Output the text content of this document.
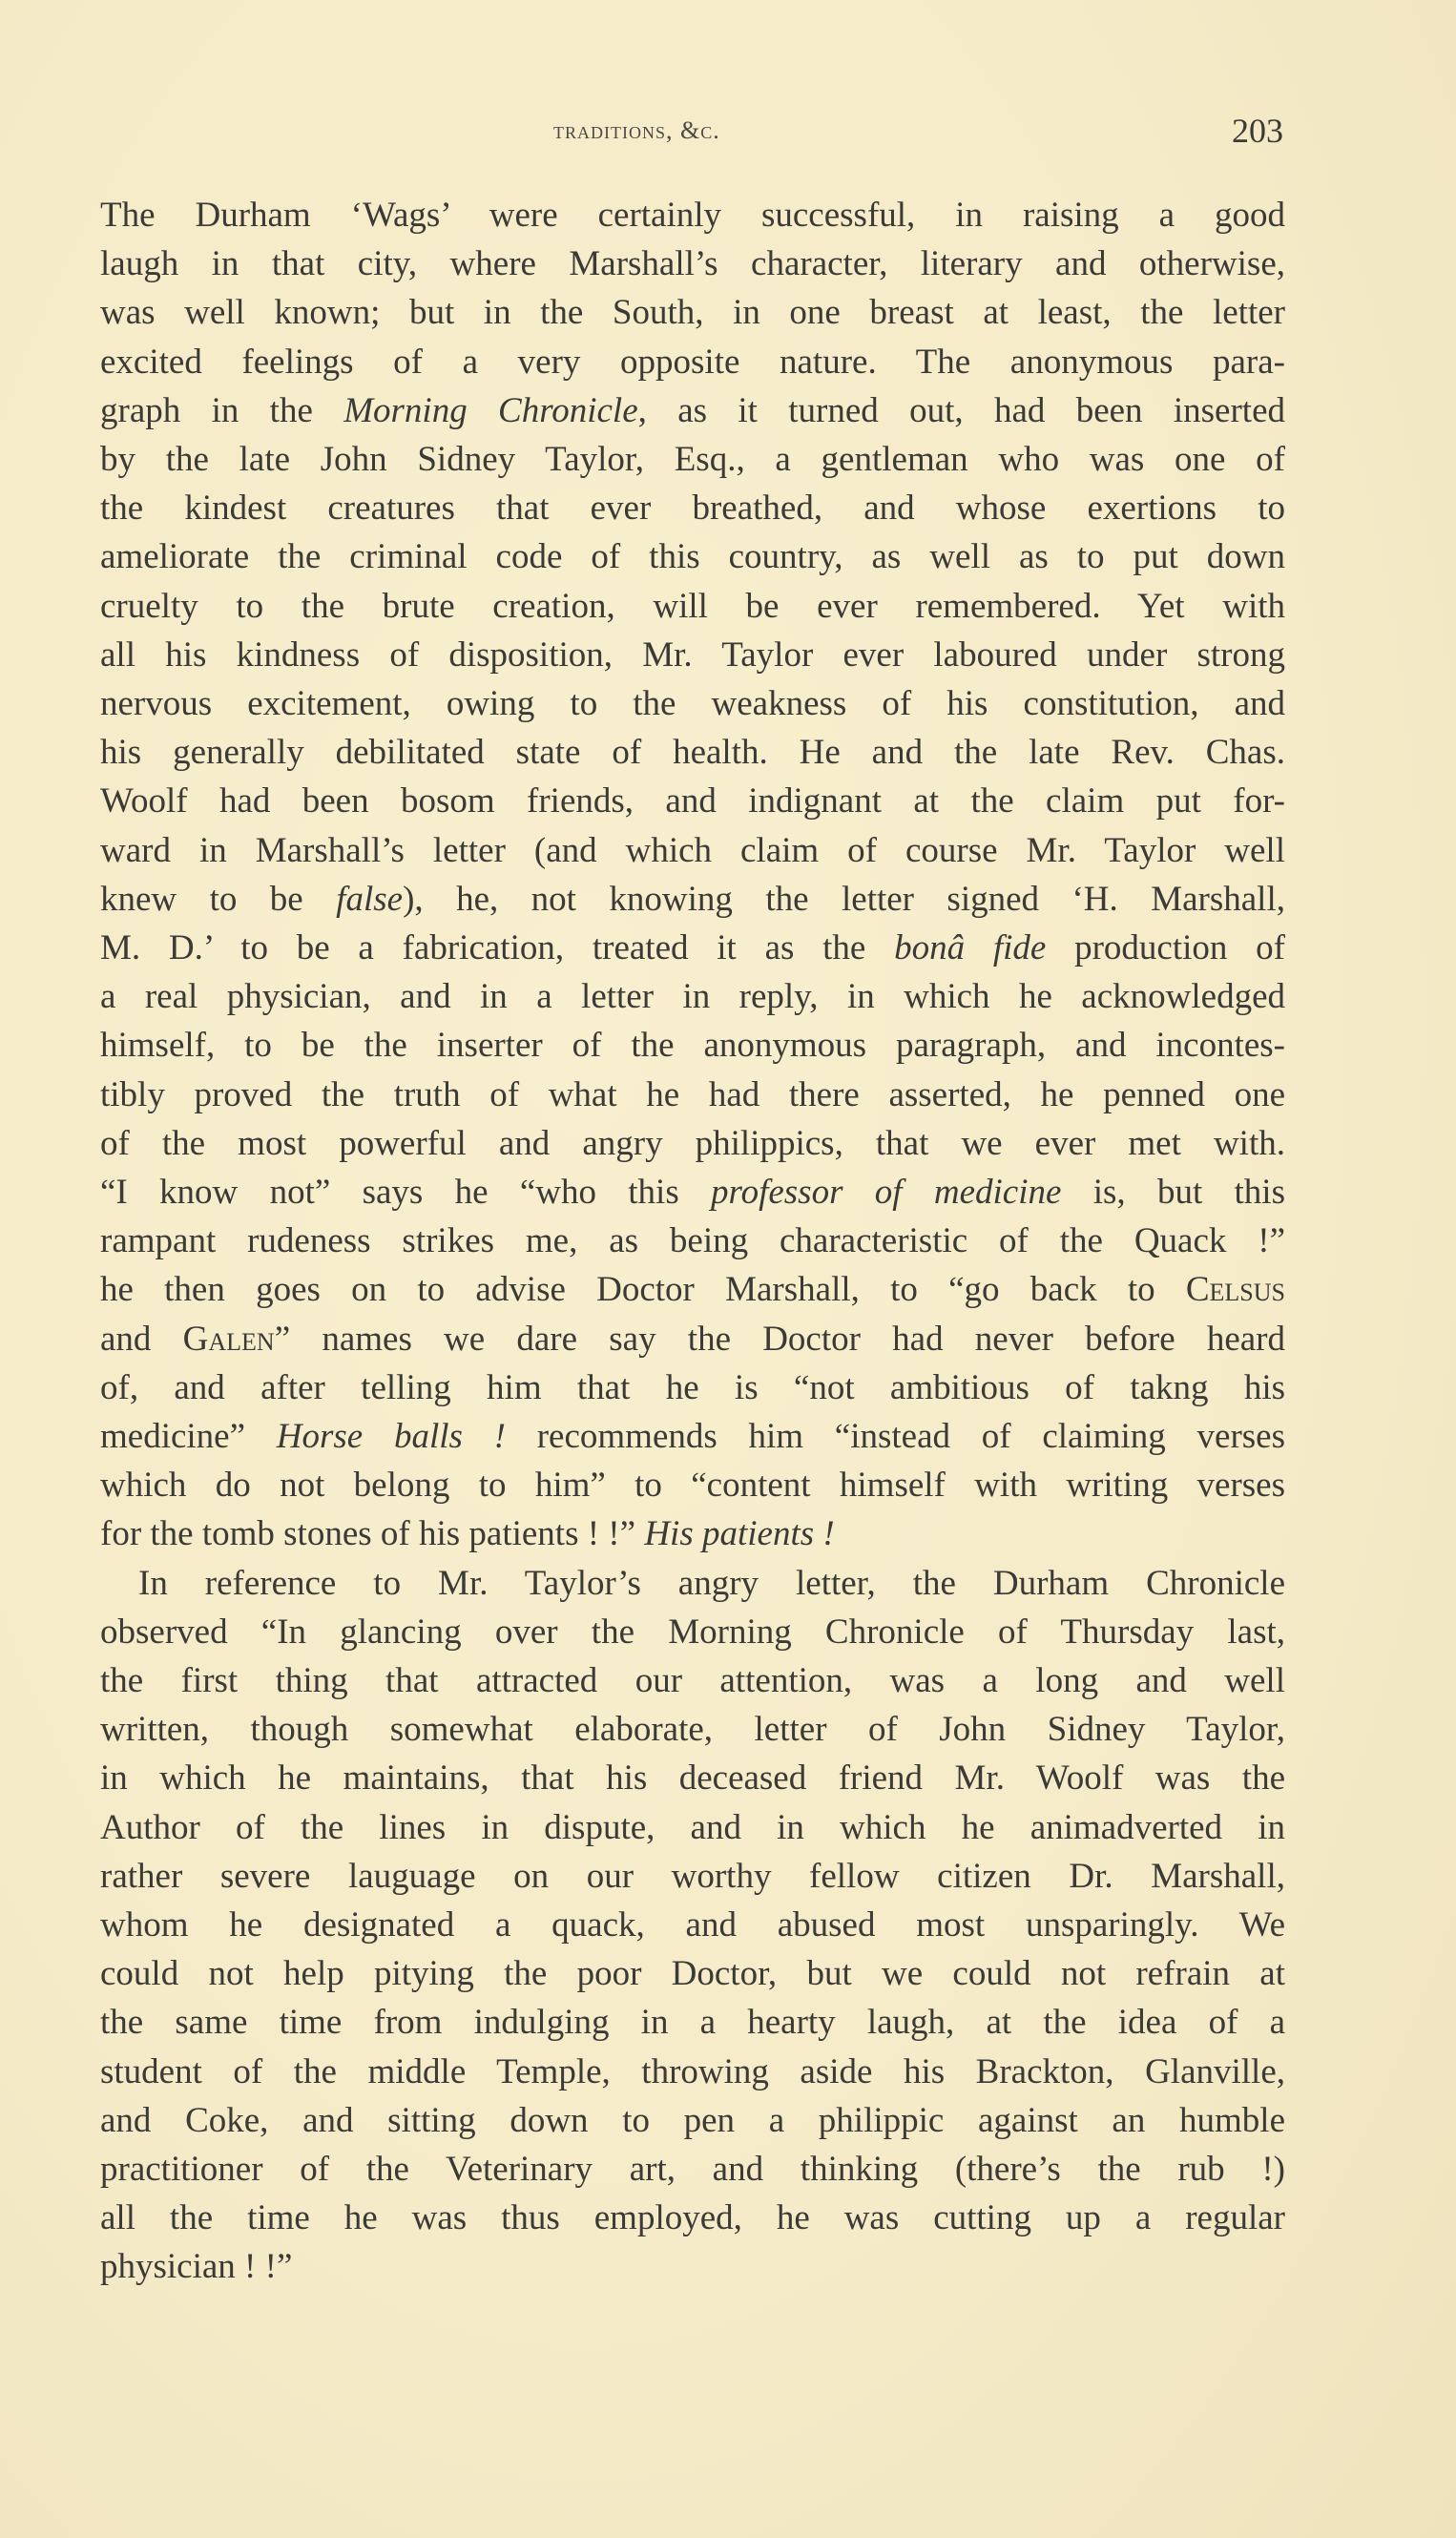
traditions, &c.	203
The Durham ‘Wags’ were certainly successful, in raising a good
laugh in that city, where Marshall’s character, literary and otherwise,
was well known; but in the South, in one breast at least, the letter
excited feelings of a very opposite nature. The anonymous para-
graph in the Morning Chronicle, as it turned out, had been inserted
by the late John Sidney Taylor, Esq., a gentleman who was one of
the kindest creatures that ever breathed, and whose exertions to
ameliorate the criminal code of this country, as well as to put down
cruelty to the brute creation, will be ever remembered. Yet with
all his kindness of disposition, Mr. Taylor ever laboured under strong
nervous excitement, owing to the weakness of his constitution, and
his generally debilitated state of health. He and the late Rev. Chas.
Woolf had been bosom friends, and indignant at the claim put for-
ward in Marshall’s letter (and which claim of course Mr. Taylor well
knew to be false), he, not knowing the letter signed ‘H. Marshall,
M. D.’ to be a fabrication, treated it as the bonâ fide production of
a real physician, and in a letter in reply, in which he acknowledged
himself, to be the inserter of the anonymous paragraph, and incontes-
tibly proved the truth of what he had there asserted, he penned one
of the most powerful and angry philippics, that we ever met with.
“I know not” says he “who this professor of medicine is, but this
rampant rudeness strikes me, as being characteristic of the Quack !”
he then goes on to advise Doctor Marshall, to “go back to Celsus
and Galen” names we dare say the Doctor had never before heard
of, and after telling him that he is “not ambitious of takng his
medicine” Horse balls ! recommends him “instead of claiming verses
which do not belong to him” to “content himself with writing verses
for the tomb stones of his patients ! !” His patients !
In reference to Mr. Taylor’s angry letter, the Durham Chronicle
observed “In glancing over the Morning Chronicle of Thursday last,
the first thing that attracted our attention, was a long and well
written, though somewhat elaborate, letter of John Sidney Taylor,
in which he maintains, that his deceased friend Mr. Woolf was the
Author of the lines in dispute, and in which he animadverted in
rather severe lauguage on our worthy fellow citizen Dr. Marshall,
whom he designated a quack, and abused most unsparingly. We
could not help pitying the poor Doctor, but we could not refrain at
the same time from indulging in a hearty laugh, at the idea of a
student of the middle Temple, throwing aside his Brackton, Glanville,
and Coke, and sitting down to pen a philippic against an humble
practitioner of the Veterinary art, and thinking (there’s the rub !)
all the time he was thus employed, he was cutting up a regular
physician ! !”
